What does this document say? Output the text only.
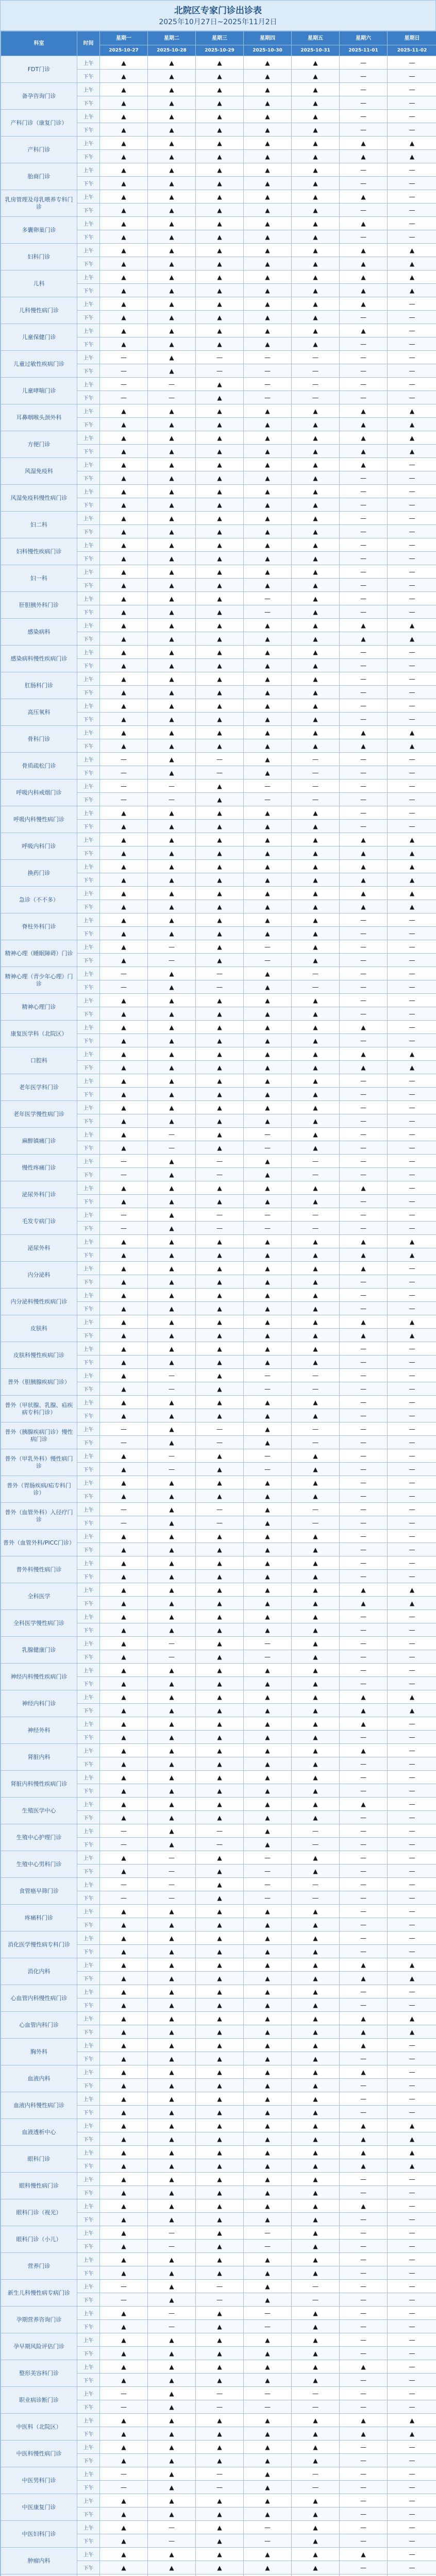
北院区专家门诊出诊表
2025年10月27日~2025年11月2日
科室	时间	星期一	星期二	星期三	星期四	星期五	星期六	星期日
		2025-10-27	2025-10-28	2025-10-29	2025-10-30	2025-10-31	2025-11-01	2025-11-02
FDT门诊	上午	▲	▲	▲	▲	▲	—	—
	下午	▲	▲	▲	▲	▲	—	—
备孕咨询门诊	上午	▲	▲	▲	▲	▲	—	—
	下午	▲	▲	▲	▲	▲	—	—
产科门诊（康复门诊）	上午	▲	▲	▲	▲	▲	—	—
	下午	▲	▲	▲	▲	▲	—	—
产科门诊	上午	▲	▲	▲	▲	▲	▲	▲
	下午	▲	▲	▲	▲	▲	▲	▲
胎商门诊	上午	▲	▲	▲	▲	▲	—	—
	下午	▲	▲	▲	▲	▲	—	—
乳房管理及母乳喂养专科门诊	上午	▲	▲	▲	▲	▲	▲	—
	下午	▲	▲	▲	▲	▲	—	—
多囊卵巢门诊	上午	▲	▲	▲	▲	▲	▲	—
	下午	▲	▲	▲	▲	▲	—	—
妇科门诊	上午	▲	▲	▲	▲	▲	▲	▲
	下午	▲	▲	▲	▲	▲	▲	▲
儿科	上午	▲	▲	▲	▲	▲	▲	▲
	下午	▲	▲	▲	▲	▲	▲	▲
儿科慢性病门诊	上午	▲	▲	▲	▲	▲	▲	—
	下午	▲	▲	▲	▲	▲	—	—
儿童保健门诊	上午	▲	▲	▲	▲	▲	▲	—
	下午	▲	▲	▲	▲	▲	—	—
儿童过敏性疾病门诊	上午	—	▲	—	—	—	—	—
	下午	—	▲	—	—	—	—	—
儿童哮喘门诊	上午	—	—	▲	—	—	—	—
	下午	—	—	▲	—	—	—	—
耳鼻咽喉头颈外科	上午	▲	▲	▲	▲	▲	▲	▲
	下午	▲	▲	▲	▲	▲	▲	▲
方便门诊	上午	▲	▲	▲	▲	▲	▲	▲
	下午	▲	▲	▲	▲	▲	▲	▲
风湿免疫科	上午	▲	▲	▲	▲	▲	▲	—
	下午	▲	▲	▲	▲	▲	—	—
风湿免疫科慢性病门诊	上午	▲	▲	▲	▲	▲	—	—
	下午	▲	▲	▲	▲	▲	—	—
妇二科	上午	▲	▲	▲	▲	▲	—	—
	下午	▲	▲	▲	▲	▲	—	—
妇科慢性疾病门诊	上午	▲	▲	▲	▲	▲	—	—
	下午	▲	▲	▲	▲	▲	—	—
妇一科	上午	▲	▲	▲	▲	▲	—	—
	下午	▲	▲	▲	▲	▲	—	—
肝胆胰外科门诊	上午	▲	▲	▲	—	▲	—	—
	下午	▲	▲	▲	—	▲	—	—
感染病科	上午	▲	▲	▲	▲	▲	▲	▲
	下午	▲	▲	▲	▲	▲	▲	▲
感染病科慢性疾病门诊	上午	▲	▲	▲	▲	▲	—	—
	下午	▲	▲	▲	▲	▲	—	—
肛肠科门诊	上午	▲	▲	▲	▲	▲	—	—
	下午	▲	▲	▲	▲	▲	—	—
高压氧科	上午	▲	▲	▲	▲	▲	—	—
	下午	▲	▲	▲	▲	▲	—	—
骨科门诊	上午	▲	▲	▲	▲	▲	▲	▲
	下午	▲	▲	▲	▲	▲	▲	▲
骨质疏松门诊	上午	—	▲	—	▲	—	—	—
	下午	—	▲	—	▲	—	—	—
呼吸内科戒烟门诊	上午	—	—	▲	—	—	—	—
	下午	—	—	▲	—	—	—	—
呼吸内科慢性病门诊	上午	▲	▲	▲	▲	▲	—	—
	下午	▲	▲	▲	▲	▲	—	—
呼吸内科门诊	上午	▲	▲	▲	▲	▲	▲	▲
	下午	▲	▲	▲	▲	▲	▲	▲
换药门诊	上午	▲	▲	▲	▲	▲	▲	▲
	下午	▲	▲	▲	▲	▲	▲	▲
急诊（不不多）	上午	▲	▲	▲	▲	▲	▲	▲
	下午	▲	▲	▲	▲	▲	▲	▲
脊柱外科门诊	上午	▲	▲	▲	▲	▲	—	—
	下午	▲	▲	▲	▲	▲	—	—
精神心理（睡眠障碍）门诊	上午	▲	—	▲	—	▲	—	—
	下午	▲	—	▲	—	▲	—	—
精神心理（青少年心理）门诊	上午	—	▲	—	▲	—	—	—
	下午	—	▲	—	▲	—	—	—
精神心理门诊	上午	▲	▲	▲	▲	▲	—	—
	下午	▲	▲	▲	▲	▲	—	—
康复医学科（北院区）	上午	▲	▲	▲	▲	▲	▲	—
	下午	▲	▲	▲	▲	▲	—	—
口腔科	上午	▲	▲	▲	▲	▲	▲	▲
	下午	▲	▲	▲	▲	▲	▲	▲
老年医学科门诊	上午	▲	▲	▲	▲	▲	—	—
	下午	▲	▲	▲	▲	▲	—	—
老年医学慢性病门诊	上午	▲	▲	▲	▲	▲	—	—
	下午	▲	▲	▲	▲	▲	—	—
麻醉镇痛门诊	上午	▲	—	▲	—	▲	—	—
	下午	▲	—	▲	—	▲	—	—
慢性疼痛门诊	上午	—	▲	—	▲	—	—	—
	下午	—	▲	—	▲	—	—	—
泌尿外科门诊	上午	▲	▲	▲	▲	▲	▲	—
	下午	▲	▲	▲	▲	▲	—	—
毛发专病门诊	上午	—	▲	—	—	—	—	—
	下午	—	▲	—	—	—	—	—
泌尿外科	上午	▲	▲	▲	▲	▲	▲	▲
	下午	▲	▲	▲	▲	▲	▲	▲
内分泌科	上午	▲	▲	▲	▲	▲	▲	—
	下午	▲	▲	▲	▲	▲	—	—
内分泌科慢性疾病门诊	上午	▲	▲	▲	▲	▲	—	—
	下午	▲	▲	▲	▲	▲	—	—
皮肤科	上午	▲	▲	▲	▲	▲	▲	▲
	下午	▲	▲	▲	▲	▲	▲	▲
皮肤科慢性疾病门诊	上午	▲	▲	▲	▲	▲	—	—
	下午	▲	▲	▲	▲	▲	—	—
普外（胆胰腺疾病门诊）	上午	▲	—	▲	—	—	—	—
	下午	▲	—	▲	—	—	—	—
普外（甲状腺、乳腺、疝疾病专科门诊）	上午	▲	▲	▲	▲	▲	—	—
	下午	▲	▲	▲	▲	▲	—	—
普外（胰腺疾病门诊）慢性病门诊	上午	—	▲	—	▲	—	—	—
	下午	—	▲	—	▲	—	—	—
普外（甲乳外科）慢性病门诊	上午	▲	—	▲	—	▲	—	—
	下午	▲	—	▲	—	▲	—	—
普外（胃肠疾病/疝专科门诊）	上午	▲	▲	▲	▲	▲	—	—
	下午	▲	▲	▲	▲	▲	—	—
普外（血管外科）入径疗门诊	上午	—	▲	—	▲	—	—	—
	下午	—	▲	—	▲	—	—	—
普外（血管外科/PICC门诊）	上午	▲	▲	▲	▲	▲	—	—
	下午	▲	▲	▲	▲	▲	—	—
普外科慢性病门诊	上午	▲	▲	▲	▲	▲	—	—
	下午	▲	▲	▲	▲	▲	—	—
全科医学	上午	▲	▲	▲	▲	▲	▲	▲
	下午	▲	▲	▲	▲	▲	▲	▲
全科医学慢性病门诊	上午	▲	▲	▲	▲	▲	—	—
	下午	▲	▲	▲	▲	▲	—	—
乳腺健康门诊	上午	▲	—	▲	—	▲	—	—
	下午	▲	—	▲	—	▲	—	—
神经内科慢性疾病门诊	上午	▲	▲	▲	▲	▲	—	—
	下午	▲	▲	▲	▲	▲	—	—
神经内科门诊	上午	▲	▲	▲	▲	▲	▲	▲
	下午	▲	▲	▲	▲	▲	▲	▲
神经外科	上午	▲	▲	▲	▲	▲	▲	—
	下午	▲	▲	▲	▲	▲	—	—
肾脏内科	上午	▲	▲	▲	▲	▲	▲	—
	下午	▲	▲	▲	▲	▲	—	—
肾脏内科慢性疾病门诊	上午	▲	▲	▲	▲	▲	—	—
	下午	▲	▲	▲	▲	▲	—	—
生殖医学中心	上午	▲	▲	▲	▲	▲	▲	—
	下午	▲	▲	▲	▲	▲	—	—
生殖中心护理门诊	上午	—	▲	—	▲	—	—	—
	下午	—	▲	—	▲	—	—	—
生殖中心男科门诊	上午	▲	—	▲	—	▲	—	—
	下午	▲	—	▲	—	▲	—	—
食管癌早筛门诊	上午	—	—	▲	—	—	—	—
	下午	—	—	▲	—	—	—	—
疼痛科门诊	上午	▲	▲	▲	▲	▲	—	—
	下午	▲	▲	▲	▲	▲	—	—
消化医学慢性病专科门诊	上午	▲	▲	▲	▲	▲	—	—
	下午	▲	▲	▲	▲	▲	—	—
消化内科	上午	▲	▲	▲	▲	▲	▲	▲
	下午	▲	▲	▲	▲	▲	▲	▲
心血管内科慢性病门诊	上午	▲	▲	▲	▲	▲	—	—
	下午	▲	▲	▲	▲	▲	—	—
心血管内科门诊	上午	▲	▲	▲	▲	▲	▲	▲
	下午	▲	▲	▲	▲	▲	▲	▲
胸外科	上午	▲	▲	▲	▲	▲	▲	—
	下午	▲	▲	▲	▲	▲	—	—
血液内科	上午	▲	▲	▲	▲	▲	▲	—
	下午	▲	▲	▲	▲	▲	—	—
血液内科慢性病门诊	上午	▲	▲	▲	▲	▲	—	—
	下午	▲	▲	▲	▲	▲	—	—
血液透析中心	上午	▲	▲	▲	▲	▲	▲	▲
	下午	▲	▲	▲	▲	▲	▲	▲
眼科门诊	上午	▲	▲	▲	▲	▲	▲	▲
	下午	▲	▲	▲	▲	▲	▲	▲
眼科慢性病门诊	上午	▲	▲	▲	▲	▲	—	—
	下午	▲	▲	▲	▲	▲	—	—
眼科门诊（视光）	上午	▲	▲	▲	▲	▲	▲	—
	下午	▲	▲	▲	▲	▲	—	—
眼科门诊（小儿）	上午	▲	—	▲	—	▲	—	—
	下午	▲	—	▲	—	▲	—	—
营养门诊	上午	▲	▲	▲	▲	▲	—	—
	下午	▲	▲	▲	▲	▲	—	—
新生儿科慢性病专病门诊	上午	—	▲	—	▲	—	—	—
	下午	—	▲	—	▲	—	—	—
孕期营养咨询门诊	上午	▲	—	▲	—	▲	—	—
	下午	▲	—	▲	—	▲	—	—
孕早期风险评估门诊	上午	▲	▲	▲	▲	▲	—	—
	下午	▲	▲	▲	▲	▲	—	—
整形美容科门诊	上午	▲	▲	▲	▲	▲	▲	—
	下午	▲	▲	▲	▲	▲	—	—
职业病诊断门诊	上午	—	▲	—	—	—	—	—
	下午	—	▲	—	—	—	—	—
中医科（北院区）	上午	▲	▲	▲	▲	▲	▲	▲
	下午	▲	▲	▲	▲	▲	▲	▲
中医科慢性病门诊	上午	▲	▲	▲	▲	▲	—	—
	下午	▲	▲	▲	▲	▲	—	—
中医男科门诊	上午	—	▲	—	▲	—	—	—
	下午	—	▲	—	▲	—	—	—
中医康复门诊	上午	▲	▲	▲	▲	▲	—	—
	下午	▲	▲	▲	▲	▲	—	—
中医妇科门诊	上午	▲	—	▲	—	▲	—	—
	下午	▲	—	▲	—	▲	—	—
肿瘤内科	上午	▲	▲	▲	▲	▲	▲	—
	下午	▲	▲	▲	▲	▲	—	—
